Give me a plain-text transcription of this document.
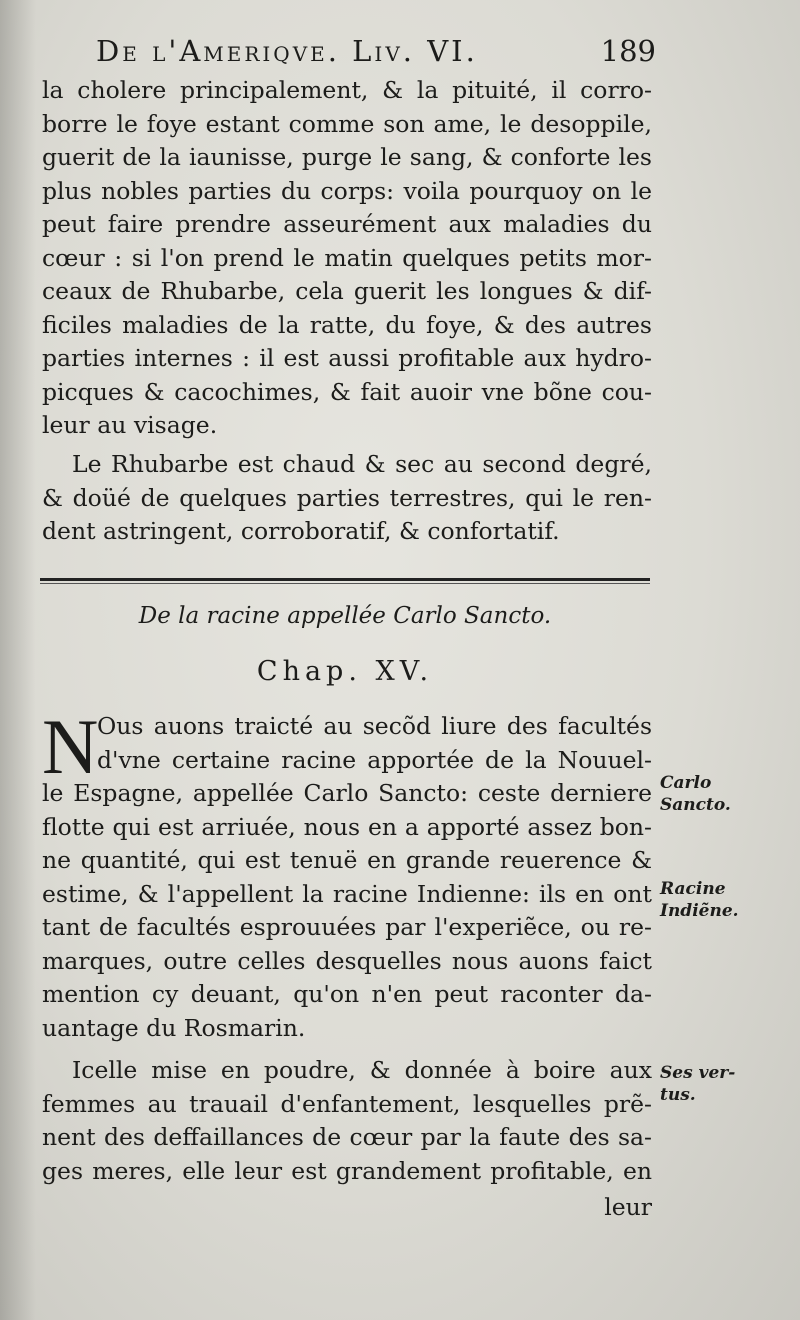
De l'Ameriqve. Liv. VI.	189
la cholere principalement, & la pituité, il corro-
borre le foye estant comme son ame, le desoppile,
guerit de la iaunisse, purge le sang, & conforte les
plus nobles parties du corps: voila pourquoy on le
peut faire prendre asseurément aux maladies du
cœur : si l'on prend le matin quelques petits mor-
ceaux de Rhubarbe, cela guerit les longues & dif-
ficiles maladies de la ratte, du foye, & des autres
parties internes : il est aussi profitable aux hydro-
picques & cacochimes, & fait auoir vne bõne cou-
leur au visage.
Le Rhubarbe est chaud & sec au second degré,
& doüé de quelques parties terrestres, qui le ren-
dent astringent, corroboratif, & confortatif.
De la racine appellée Carlo Sancto.
Chap. XV.
N
Ous auons traicté au secõd liure des facultés
d'vne certaine racine apportée de la Nouuel-
le Espagne, appellée Carlo Sancto: ceste derniere
flotte qui est arriuée, nous en a apporté assez bon-
ne quantité, qui est tenuë en grande reuerence &
estime, & l'appellent la racine Indienne: ils en ont
tant de facultés esprouuées par l'experiẽce, ou re-
marques, outre celles desquelles nous auons faict
mention cy deuant, qu'on n'en peut raconter da-
uantage du Rosmarin.
Icelle mise en poudre, & donnée à boire aux
femmes au trauail d'enfantement, lesquelles prẽ-
nent des deffaillances de cœur par la faute des sa-
ges meres, elle leur est grandement profitable, en
leur
Carlo
Sancto.
Racine
Indiẽne.
Ses ver-
tus.
